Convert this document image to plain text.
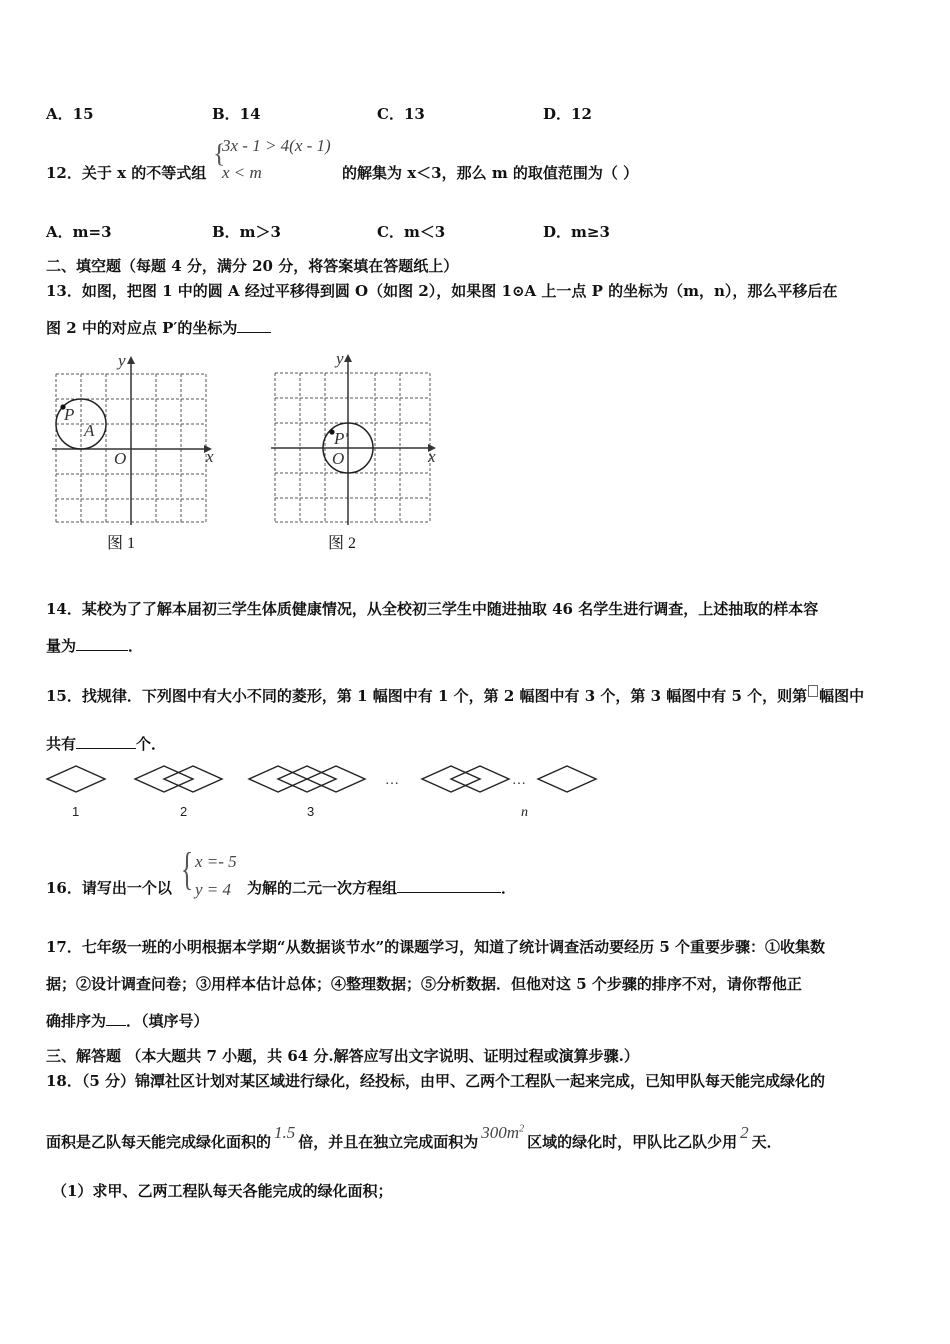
A．15	B．14	C．13	D．12
12．关于 x 的不等式组
{
3x - 1 > 4(x - 1)
x < m	的解集为 x＜3，那么 m 的取值范围为（ ）
A．m=3	B．m＞3	C．m＜3	D．m≥3
二、填空题（每题 4 分，满分 20 分，将答案填在答题纸上）
13．如图，把图 1 中的圆 A 经过平移得到圆 O（如图 2），如果图 1⊙A 上一点 P 的坐标为（m，n），那么平移后在
图 2 中的对应点 P′的坐标为
P
A
O	x
y
图 1
P'
O	x
y
图 2
14．某校为了了解本届初三学生体质健康情况，从全校初三学生中随进抽取 46 名学生进行调查，上述抽取的样本容
量为	．
15．找规律．下列图中有大小不同的菱形，第 1 幅图中有 1 个，第 2 幅图中有 3 个，第 3 幅图中有 5 个，则第 幅图中
共有	个．
…	…
1	2	3	n
16．请写出一个以 { x =- 5
y = 4 为解的二元一次方程组	．
17．七年级一班的小明根据本学期“从数据谈节水”的课题学习，知道了统计调查活动要经历 5 个重要步骤：①收集数
据；②设计调查问卷；③用样本估计总体；④整理数据；⑤分析数据．但他对这 5 个步骤的排序不对，请你帮他正
确排序为 ．（填序号）
三、解答题 （本大题共 7 小题，共 64 分.解答应写出文字说明、证明过程或演算步骤.）
18．（5 分）锦潭社区计划对某区域进行绿化，经投标，由甲、乙两个工程队一起来完成，已知甲队每天能完成绿化的
面积是乙队每天能完成绿化面积的 1.5 倍，并且在独立完成面积为 $300m^2$区域的绿化时，甲队比乙队少用 2 天．
（1）求甲、乙两工程队每天各能完成的绿化面积；
